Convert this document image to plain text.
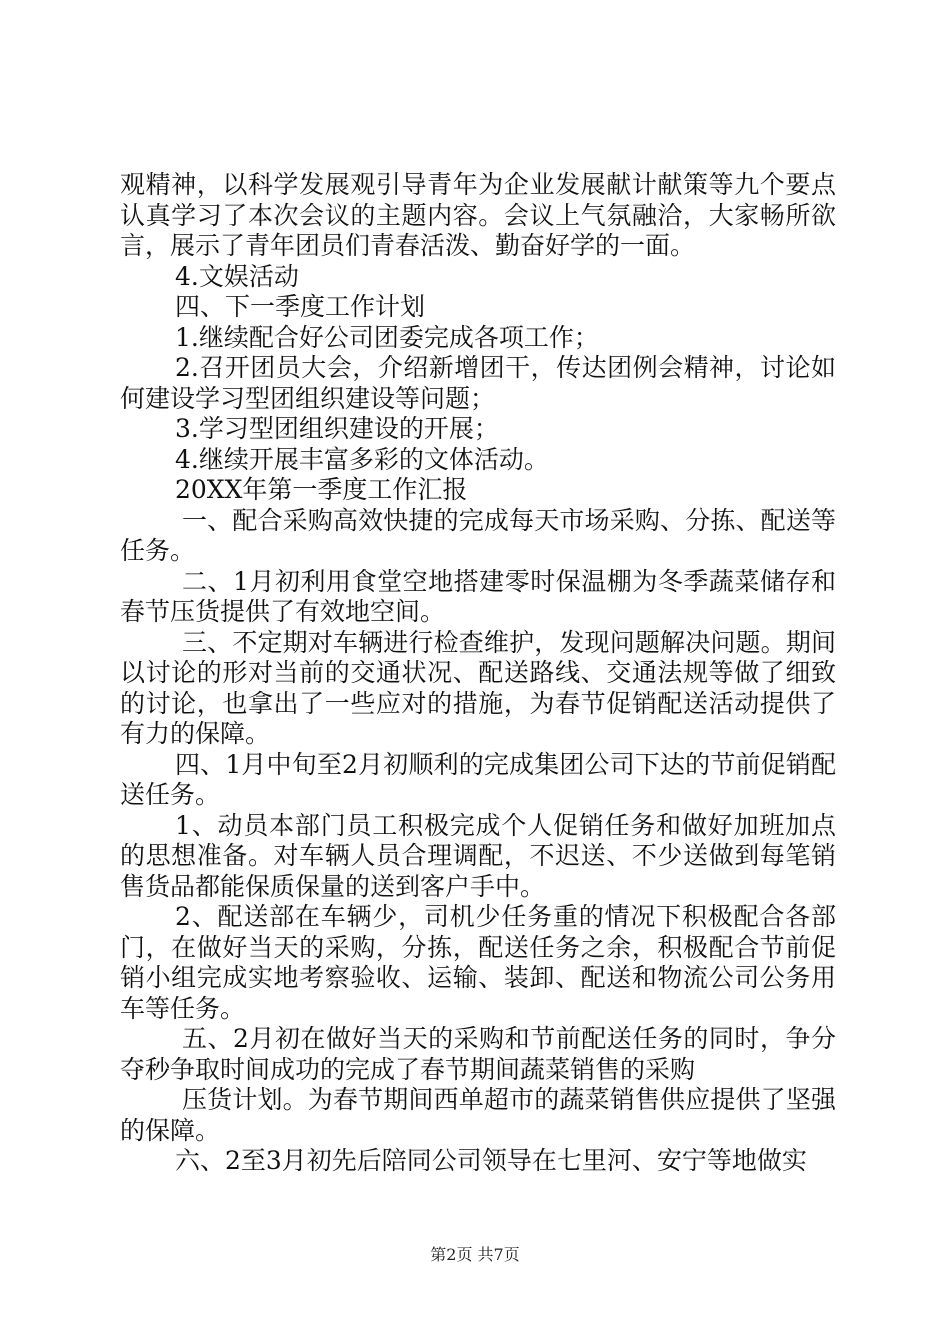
观精神，以科学发展观引导青年为企业发展献计献策等九个要点认真学习了本次会议的主题内容。会议上气氛融洽，大家畅所欲言，展示了青年团员们青春活泼、勤奋好学的一面。

4.文娱活动

四、下一季度工作计划

1.继续配合好公司团委完成各项工作；

2.召开团员大会，介绍新增团干，传达团例会精神，讨论如何建设学习型团组织建设等问题；

3.学习型团组织建设的开展；

4.继续开展丰富多彩的文体活动。

20XX年第一季度工作汇报

一、配合采购高效快捷的完成每天市场采购、分拣、配送等任务。

二、1月初利用食堂空地搭建零时保温棚为冬季蔬菜储存和春节压货提供了有效地空间。

三、不定期对车辆进行检查维护，发现问题解决问题。期间以讨论的形对当前的交通状况、配送路线、交通法规等做了细致的讨论，也拿出了一些应对的措施，为春节促销配送活动提供了有力的保障。

四、1月中旬至2月初顺利的完成集团公司下达的节前促销配送任务。

1、动员本部门员工积极完成个人促销任务和做好加班加点的思想准备。对车辆人员合理调配，不迟送、不少送做到每笔销售货品都能保质保量的送到客户手中。

2、配送部在车辆少，司机少任务重的情况下积极配合各部门，在做好当天的采购，分拣，配送任务之余，积极配合节前促销小组完成实地考察验收、运输、装卸、配送和物流公司公务用车等任务。

五、2月初在做好当天的采购和节前配送任务的同时，争分夺秒争取时间成功的完成了春节期间蔬菜销售的采购

压货计划。为春节期间西单超市的蔬菜销售供应提供了坚强的保障。

六、2至3月初先后陪同公司领导在七里河、安宁等地做实

第2页 共7页
